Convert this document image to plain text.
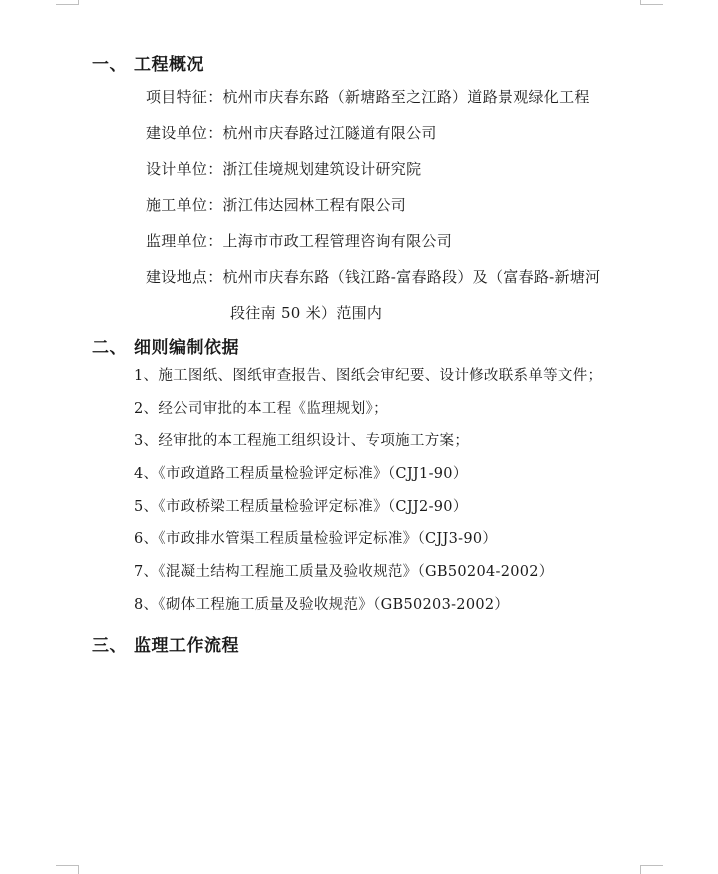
一、 工程概况
项目特征：杭州市庆春东路（新塘路至之江路）道路景观绿化工程
建设单位：杭州市庆春路过江隧道有限公司
设计单位：浙江佳境规划建筑设计研究院
施工单位：浙江伟达园林工程有限公司
监理单位：上海市市政工程管理咨询有限公司
建设地点：杭州市庆春东路（钱江路-富春路段）及（富春路-新塘河
段往南 50 米）范围内
二、 细则编制依据
1、施工图纸、图纸审查报告、图纸会审纪要、设计修改联系单等文件；
2、经公司审批的本工程《监理规划》；
3、经审批的本工程施工组织设计、专项施工方案；
4、《市政道路工程质量检验评定标准》（CJJ1-90）
5、《市政桥梁工程质量检验评定标准》（CJJ2-90）
6、《市政排水管渠工程质量检验评定标准》（CJJ3-90）
7、《混凝土结构工程施工质量及验收规范》（GB50204-2002）
8、《砌体工程施工质量及验收规范》（GB50203-2002）
三、 监理工作流程
